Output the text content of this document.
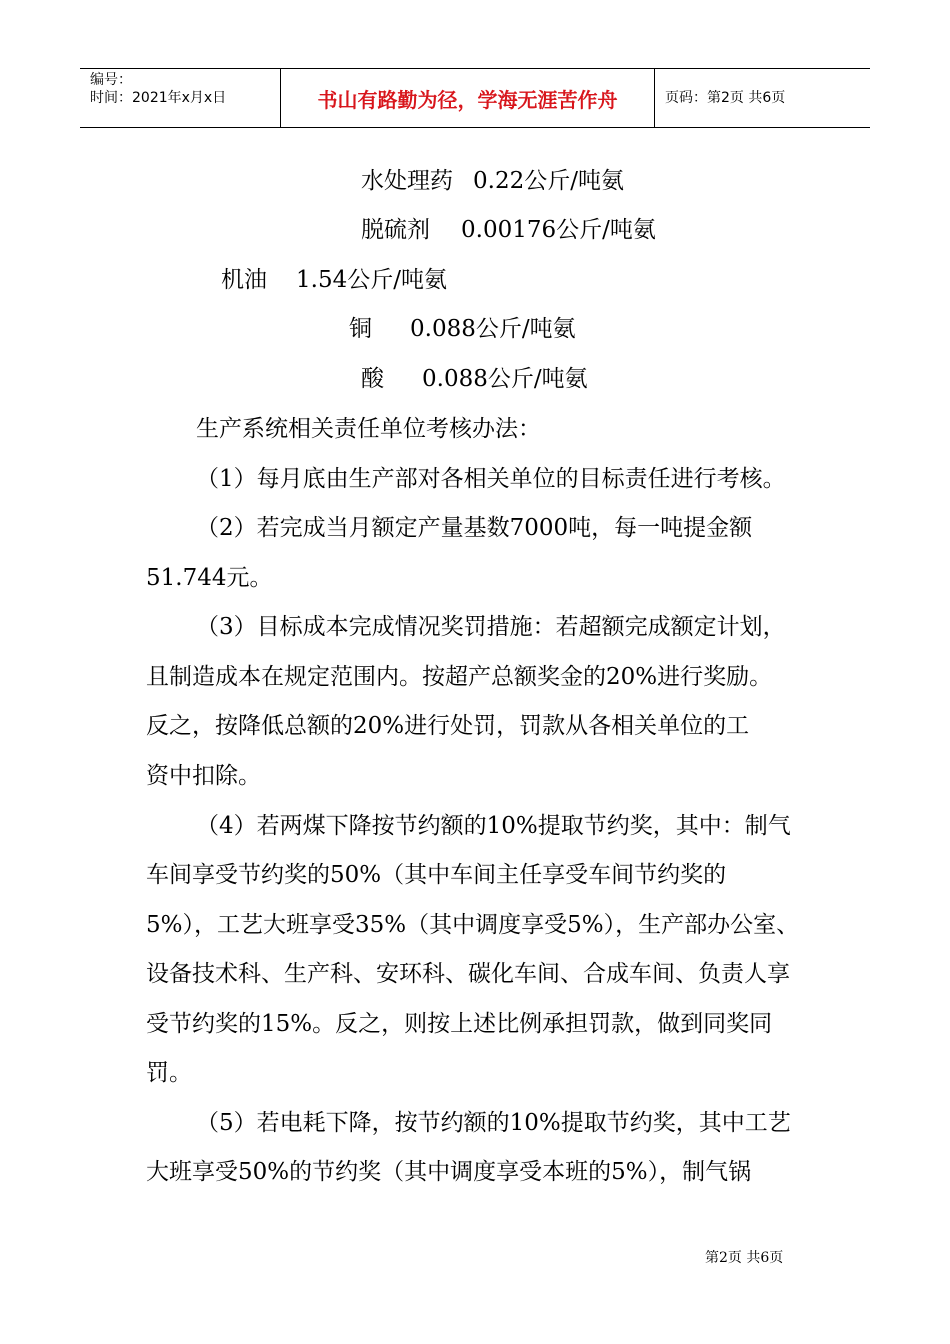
编号：
时间：2021年x月x日	书山有路勤为径，学海无涯苦作舟	页码：第2页 共6页
水处理药 0.22公斤/吨氨
脱硫剂 0.00176公斤/吨氨
机油 1.54公斤/吨氨
铜 0.088公斤/吨氨
酸 0.088公斤/吨氨
生产系统相关责任单位考核办法：
（1）每月底由生产部对各相关单位的目标责任进行考核。
（2）若完成当月额定产量基数7000吨，每一吨提金额
51.744元。
（3）目标成本完成情况奖罚措施：若超额完成额定计划，
且制造成本在规定范围内。按超产总额奖金的20%进行奖励。
反之，按降低总额的20%进行处罚，罚款从各相关单位的工
资中扣除。
（4）若两煤下降按节约额的10%提取节约奖，其中：制气
车间享受节约奖的50%（其中车间主任享受车间节约奖的
5%），工艺大班享受35%（其中调度享受5%），生产部办公室、
设备技术科、生产科、安环科、碳化车间、合成车间、负责人享
受节约奖的15%。反之，则按上述比例承担罚款，做到同奖同
罚。
（5）若电耗下降，按节约额的10%提取节约奖，其中工艺
大班享受50%的节约奖（其中调度享受本班的5%），制气锅
第2页 共6页
